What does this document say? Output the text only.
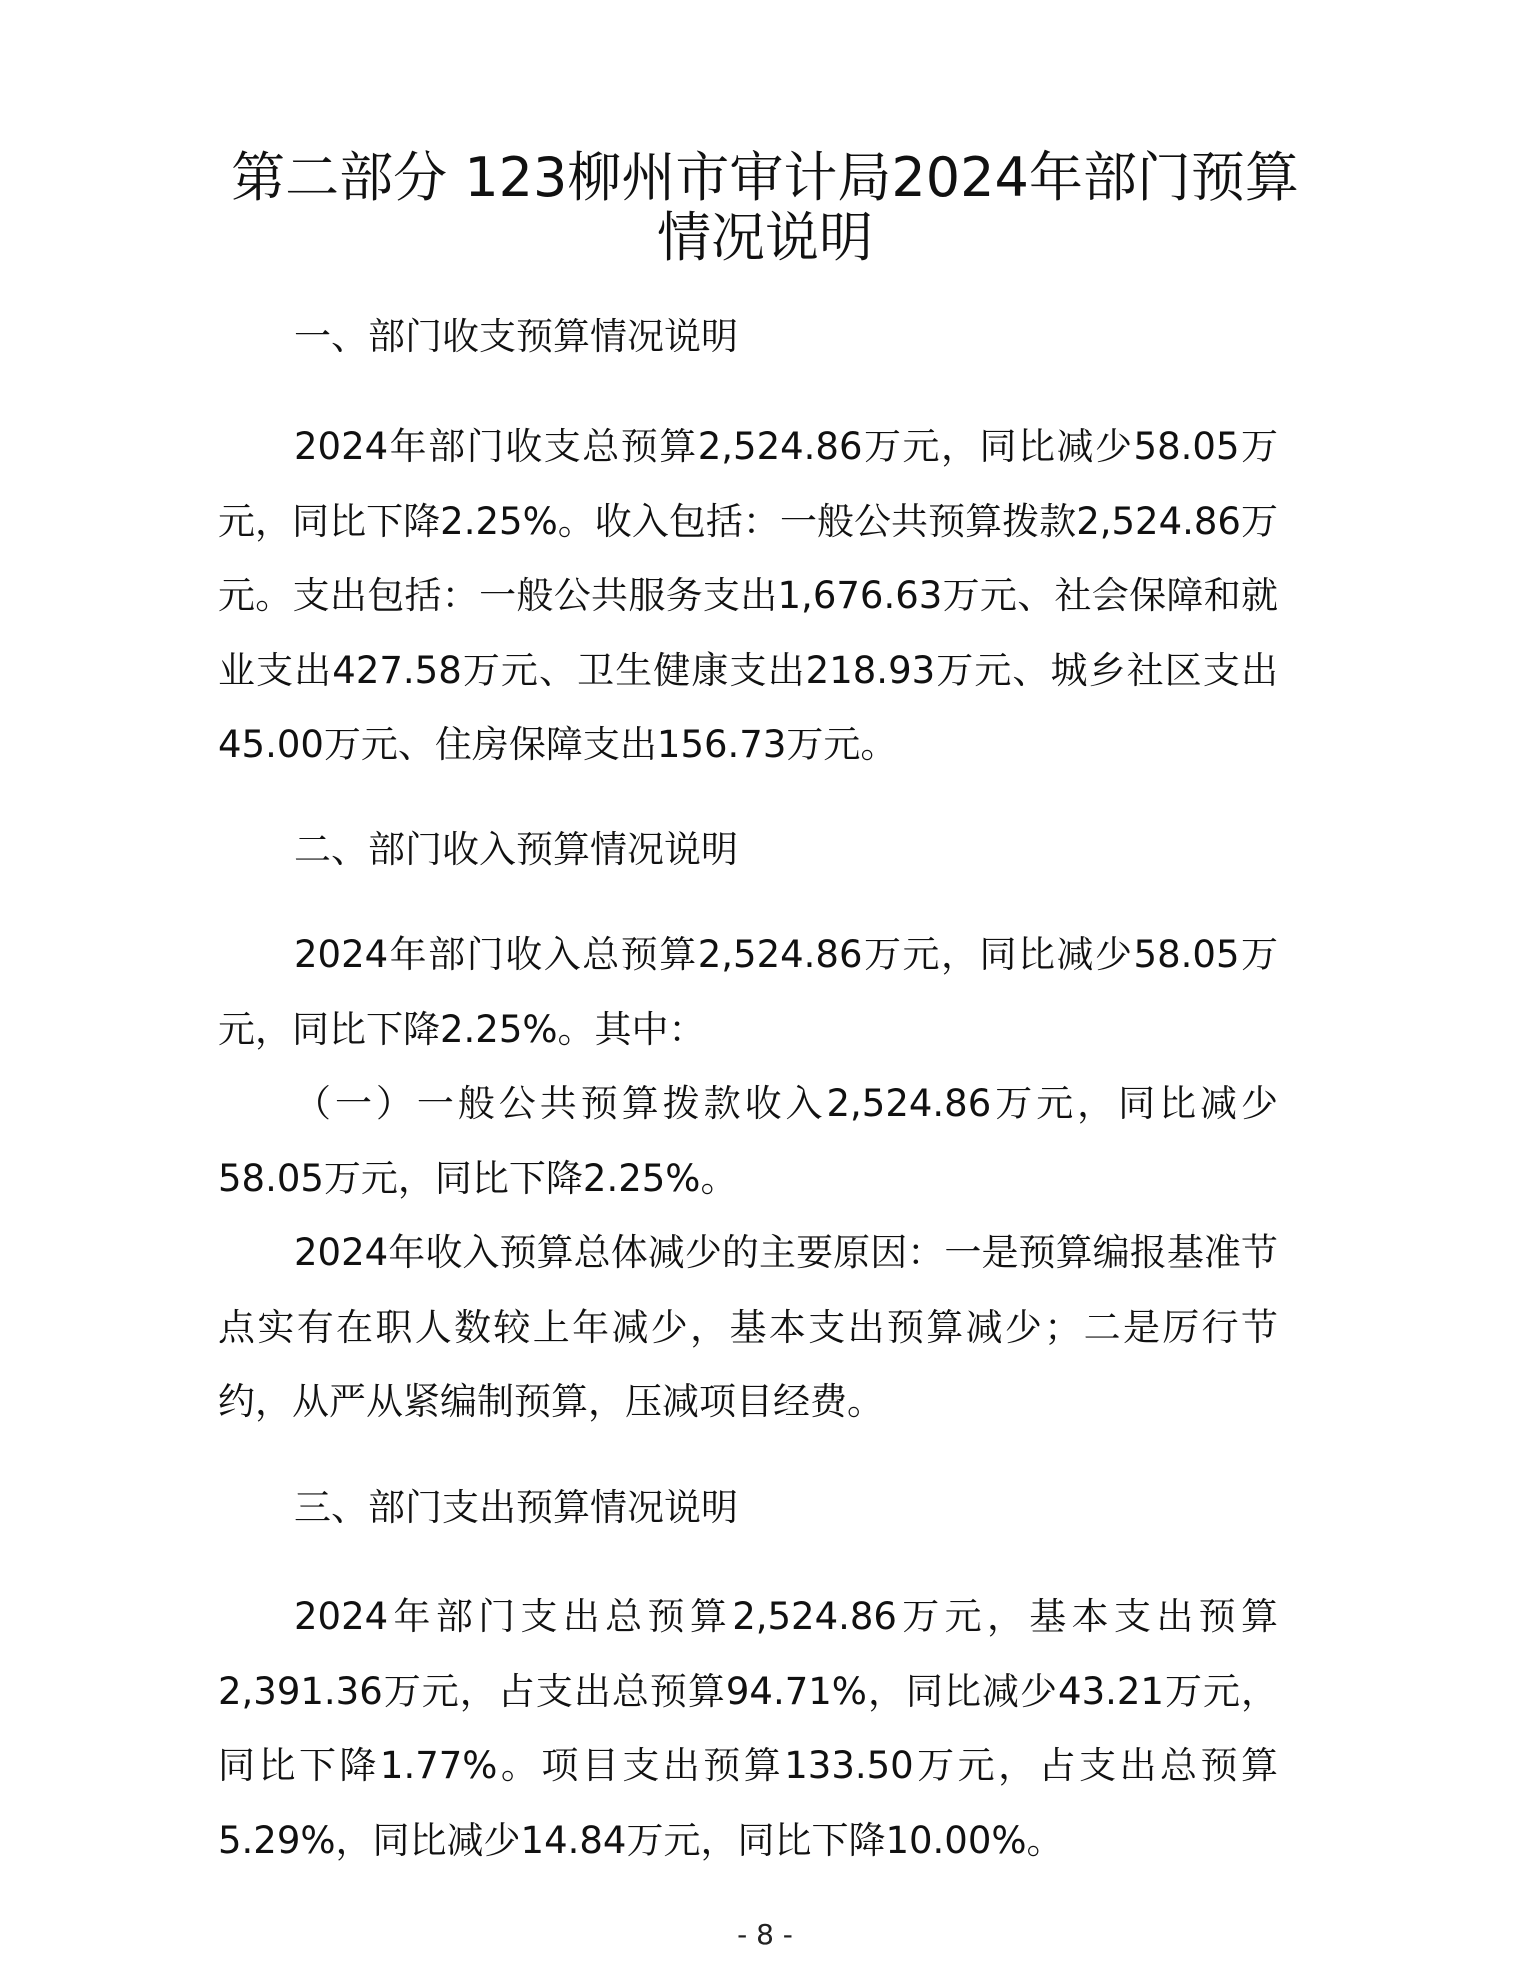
第二部分 123柳州市审计局2024年部门预算
情况说明

一、部门收支预算情况说明

2024年部门收支总预算2,524.86万元，同比减少58.05万元，同比下降2.25%。收入包括：一般公共预算拨款2,524.86万元。支出包括：一般公共服务支出1,676.63万元、社会保障和就业支出427.58万元、卫生健康支出218.93万元、城乡社区支出45.00万元、住房保障支出156.73万元。

二、部门收入预算情况说明

2024年部门收入总预算2,524.86万元，同比减少58.05万元，同比下降2.25%。其中：

（一）一般公共预算拨款收入2,524.86万元，同比减少58.05万元，同比下降2.25%。

2024年收入预算总体减少的主要原因：一是预算编报基准节点实有在职人数较上年减少，基本支出预算减少；二是厉行节约，从严从紧编制预算，压减项目经费。

三、部门支出预算情况说明

2024年部门支出总预算2,524.86万元，基本支出预算2,391.36万元，占支出总预算94.71%，同比减少43.21万元，同比下降1.77%。项目支出预算133.50万元，占支出总预算5.29%，同比减少14.84万元，同比下降10.00%。

- 8 -
